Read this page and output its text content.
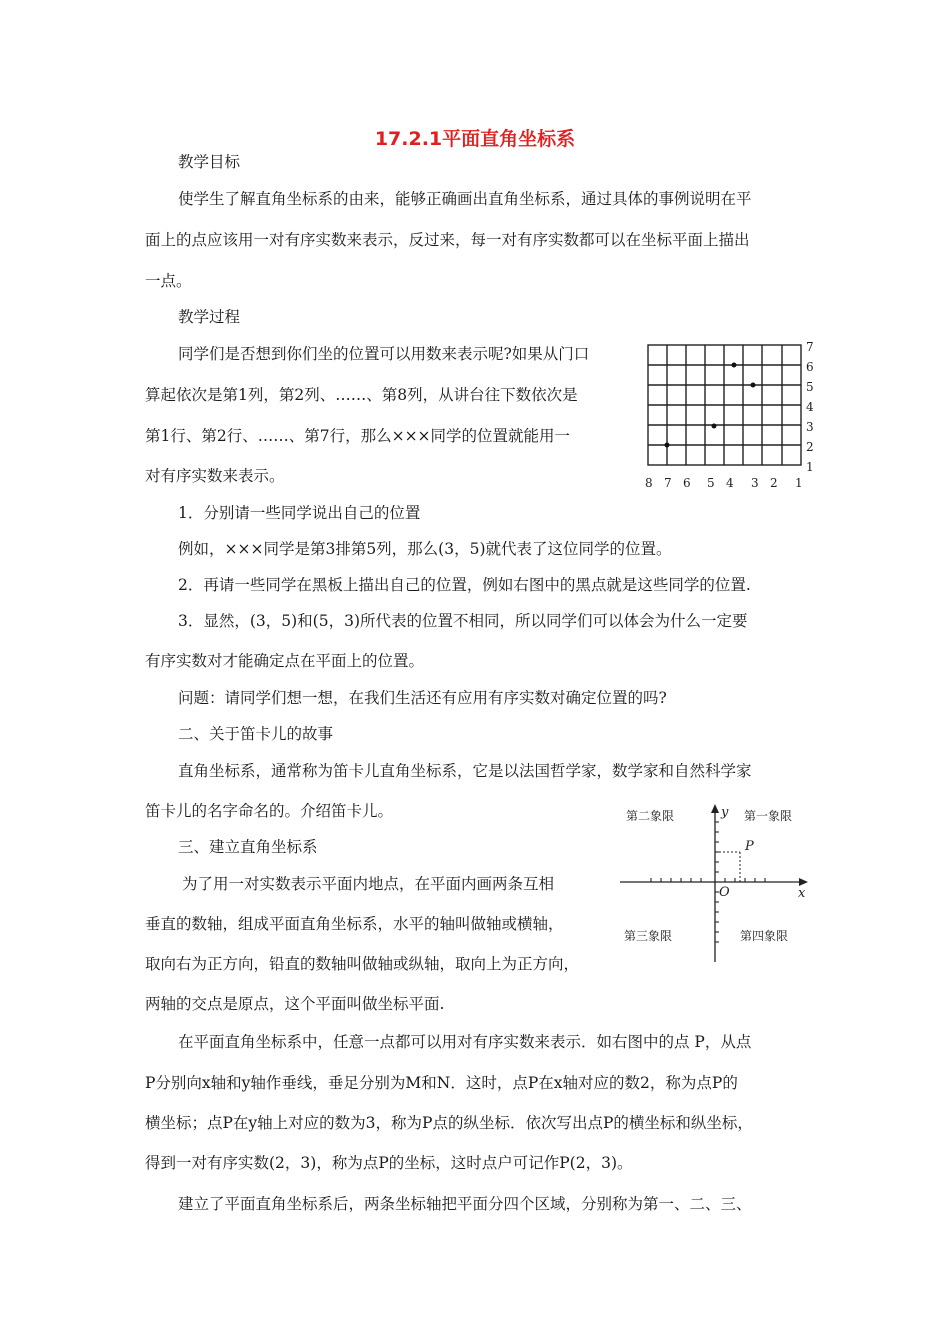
17.2.1平面直角坐标系

教学目标

使学生了解直角坐标系的由来，能够正确画出直角坐标系，通过具体的事例说明在平

面上的点应该用一对有序实数来表示，反过来，每一对有序实数都可以在坐标平面上描出

一点。

教学过程

同学们是否想到你们坐的位置可以用数来表示呢?如果从门口

算起依次是第1列，第2列、……、第8列，从讲台往下数依次是

第1行、第2行、……、第7行，那么×××同学的位置就能用一

对有序实数来表示。

1．分别请一些同学说出自己的位置

例如，×××同学是第3排第5列，那么(3，5)就代表了这位同学的位置。

2．再请一些同学在黑板上描出自己的位置，例如右图中的黑点就是这些同学的位置.

3．显然，(3，5)和(5，3)所代表的位置不相同，所以同学们可以体会为什么一定要

有序实数对才能确定点在平面上的位置。

问题：请同学们想一想，在我们生活还有应用有序实数对确定位置的吗?

二、关于笛卡儿的故事

直角坐标系，通常称为笛卡儿直角坐标系，它是以法国哲学家，数学家和自然科学家

笛卡儿的名字命名的。介绍笛卡儿。

三、建立直角坐标系

为了用一对实数表示平面内地点，在平面内画两条互相

垂直的数轴，组成平面直角坐标系，水平的轴叫做轴或横轴，

取向右为正方向，铅直的数轴叫做轴或纵轴，取向上为正方向，

两轴的交点是原点，这个平面叫做坐标平面.

在平面直角坐标系中，任意一点都可以用对有序实数来表示．如右图中的点 P，从点

P分别向x轴和y轴作垂线，垂足分别为M和N．这时，点P在x轴对应的数2，称为点P的

横坐标；点P在y轴上对应的数为3，称为P点的纵坐标．依次写出点P的横坐标和纵坐标，

得到一对有序实数(2，3)，称为点P的坐标，这时点户可记作P(2，3)。

建立了平面直角坐标系后，两条坐标轴把平面分四个区域，分别称为第一、二、三、

7
6
5
4
3
2
1
8 7 6 5 4 3 2 1
第二象限	第一象限
第三象限	第四象限
y
x
O
P
